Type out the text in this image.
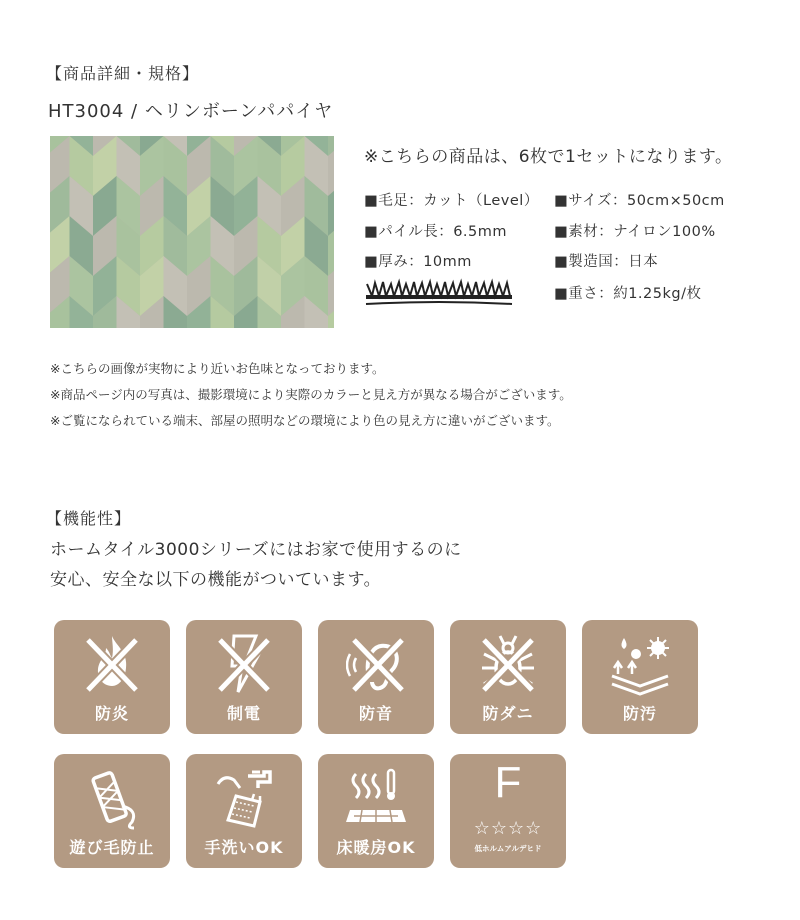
【商品詳細・規格】
HT3004 / ヘリンボーンパパイヤ
※こちらの商品は、6枚で1セットになります。
■毛足：カット（Level）
■パイル長：6.5mm
■厚み：10mm
■サイズ：50cm×50cm
■素材：ナイロン100%
■製造国：日本
■重さ：約1.25kg/枚
※こちらの画像が実物により近いお色味となっております。
※商品ページ内の写真は、撮影環境により実際のカラーと見え方が異なる場合がございます。
※ご覧になられている端末、部屋の照明などの環境により色の見え方に違いがございます。
【機能性】
ホームタイル3000シリーズにはお家で使用するのに
安心、安全な以下の機能がついています。
防炎	制電	防音	防ダニ	防汚
遊び毛防止	手洗いOK	床暖房OK
F
☆☆☆☆
低ホルムアルデヒド
